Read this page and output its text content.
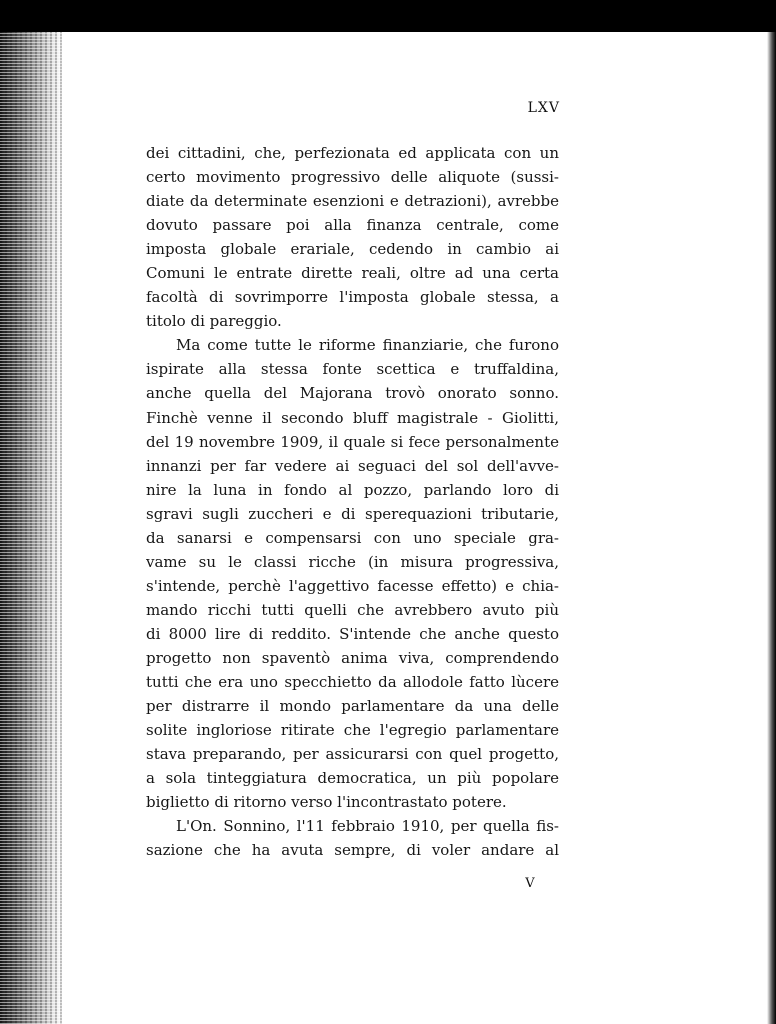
LXV
dei cittadini, che, perfezionata ed applicata con un
certo movimento progressivo delle aliquote (sussi-
diate da determinate esenzioni e detrazioni), avrebbe
dovuto passare poi alla finanza centrale, come
imposta globale erariale, cedendo in cambio ai
Comuni le entrate dirette reali, oltre ad una certa
facoltà di sovrimporre l'imposta globale stessa, a
titolo di pareggio.
Ma come tutte le riforme finanziarie, che furono
ispirate alla stessa fonte scettica e truffaldina,
anche quella del Majorana trovò onorato sonno.
Finchè venne il secondo bluff magistrale - Giolitti,
del 19 novembre 1909, il quale si fece personalmente
innanzi per far vedere ai seguaci del sol dell'avve-
nire la luna in fondo al pozzo, parlando loro di
sgravi sugli zuccheri e di sperequazioni tributarie,
da sanarsi e compensarsi con uno speciale gra-
vame su le classi ricche (in misura progressiva,
s'intende, perchè l'aggettivo facesse effetto) e chia-
mando ricchi tutti quelli che avrebbero avuto più
di 8000 lire di reddito. S'intende che anche questo
progetto non spaventò anima viva, comprendendo
tutti che era uno specchietto da allodole fatto lùcere
per distrarre il mondo parlamentare da una delle
solite ingloriose ritirate che l'egregio parlamentare
stava preparando, per assicurarsi con quel progetto,
a sola tinteggiatura democratica, un più popolare
biglietto di ritorno verso l'incontrastato potere.
L'On. Sonnino, l'11 febbraio 1910, per quella fis-
sazione che ha avuta sempre, di voler andare al
V
